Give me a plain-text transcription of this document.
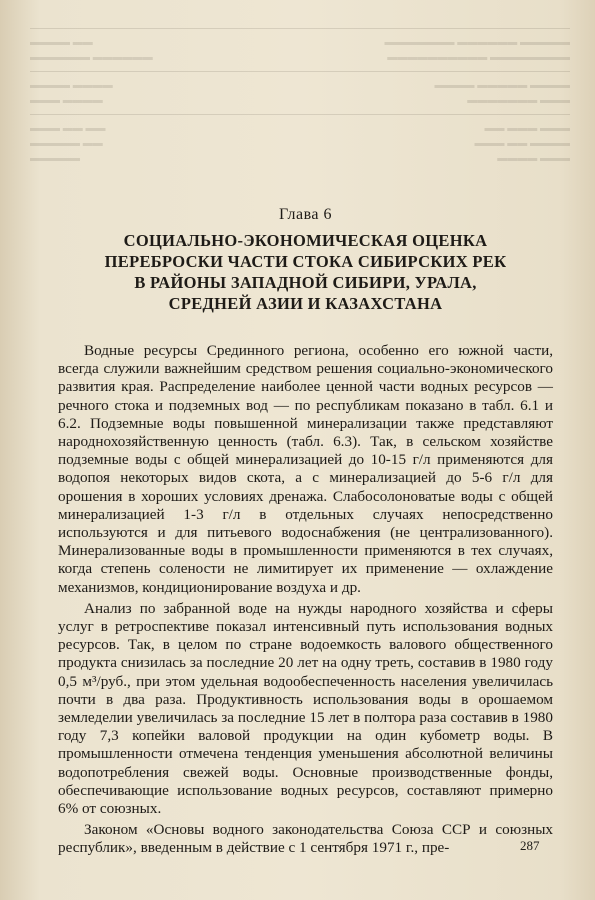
▬▬▬▬ ▬▬	▬▬▬▬▬▬▬ ▬▬▬▬▬▬ ▬▬▬▬▬
▬▬▬▬▬▬ ▬▬▬▬▬▬	▬▬▬▬▬▬▬▬▬▬ ▬▬▬▬▬▬▬▬
▬▬▬▬ ▬▬▬▬	▬▬▬▬ ▬▬▬▬▬ ▬▬▬▬
▬▬▬ ▬▬▬▬	▬▬▬▬▬▬▬ ▬▬▬
▬▬▬ ▬▬ ▬▬	▬▬ ▬▬▬ ▬▬▬
▬▬▬▬▬ ▬▬	▬▬▬ ▬▬ ▬▬▬▬
▬▬▬▬▬	▬▬▬▬ ▬▬▬
Глава 6
СОЦИАЛЬНО-ЭКОНОМИЧЕСКАЯ ОЦЕНКА
ПЕРЕБРОСКИ ЧАСТИ СТОКА СИБИРСКИХ РЕК
В РАЙОНЫ ЗАПАДНОЙ СИБИРИ, УРАЛА,
СРЕДНЕЙ АЗИИ И КАЗАХСТАНА

Водные ресурсы Срединного региона, особенно его южной части, всегда служили важнейшим средством решения социально-экономического развития края. Распределение наиболее ценной части водных ресурсов — речного стока и подземных вод — по республикам показано в табл. 6.1 и 6.2. Подземные воды повышенной минерализации также представляют народнохозяйственную ценность (табл. 6.3). Так, в сельском хозяйстве подземные воды с общей минерализацией до 10-15 г/л применяются для водопоя некоторых видов скота, а с минерализацией до 5-6 г/л для орошения в хороших условиях дренажа. Слабосолоноватые воды с общей минерализацией 1-3 г/л в отдельных случаях непосредственно используются и для питьевого водоснабжения (не централизованного). Минерализованные воды в промышленности применяются в тех случаях, когда степень солености не лимитирует их применение — охлаждение механизмов, кондиционирование воздуха и др.

Анализ по забранной воде на нужды народного хозяйства и сферы услуг в ретроспективе показал интенсивный путь использования водных ресурсов. Так, в целом по стране водоемкость валового общественного продукта снизилась за последние 20 лет на одну треть, составив в 1980 году 0,5 м³/руб., при этом удельная водообеспеченность населения увеличилась почти в два раза. Продуктивность использования воды в орошаемом земледелии увеличилась за последние 15 лет в полтора раза составив в 1980 году 7,3 копейки валовой продукции на один кубометр воды. В промышленности отмечена тенденция уменьшения абсолютной величины водопотребления свежей воды. Основные производственные фонды, обеспечивающие использование водных ресурсов, составляют примерно 6% от союзных.

Законом «Основы водного законодательства Союза ССР и союзных республик», введенным в действие с 1 сентября 1971 г., пре-	287
